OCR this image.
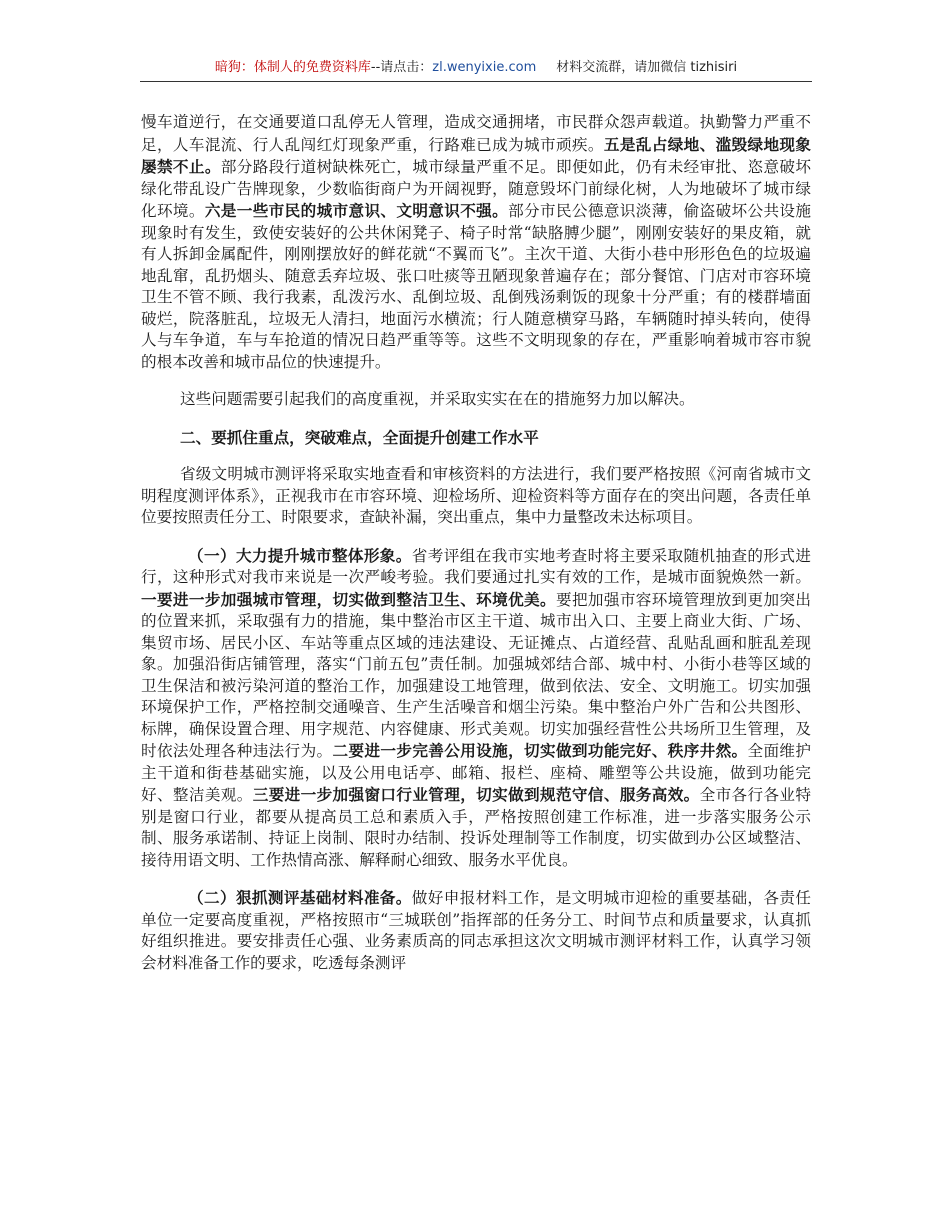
暗狗：体制人的免费资料库--请点击：zl.wenyixie.com 材料交流群，请加微信 tizhisiri

慢车道逆行，在交通要道口乱停无人管理，造成交通拥堵，市民群众怨声载道。执勤警力严重不足，人车混流、行人乱闯红灯现象严重，行路难已成为城市顽疾。五是乱占绿地、滥毁绿地现象屡禁不止。部分路段行道树缺株死亡，城市绿量严重不足。即便如此，仍有未经审批、恣意破坏绿化带乱设广告牌现象，少数临街商户为开阔视野，随意毁坏门前绿化树，人为地破坏了城市绿化环境。六是一些市民的城市意识、文明意识不强。部分市民公德意识淡薄，偷盗破坏公共设施现象时有发生，致使安装好的公共休闲凳子、椅子时常“缺胳膊少腿”，刚刚安装好的果皮箱，就有人拆卸金属配件，刚刚摆放好的鲜花就“不翼而飞”。主次干道、大街小巷中形形色色的垃圾遍地乱窜，乱扔烟头、随意丢弃垃圾、张口吐痰等丑陋现象普遍存在；部分餐馆、门店对市容环境卫生不管不顾、我行我素，乱泼污水、乱倒垃圾、乱倒残汤剩饭的现象十分严重；有的楼群墙面破烂，院落脏乱，垃圾无人清扫，地面污水横流；行人随意横穿马路，车辆随时掉头转向，使得人与车争道，车与车抢道的情况日趋严重等等。这些不文明现象的存在，严重影响着城市容市貌的根本改善和城市品位的快速提升。

这些问题需要引起我们的高度重视，并采取实实在在的措施努力加以解决。

二、要抓住重点，突破难点，全面提升创建工作水平

省级文明城市测评将采取实地查看和审核资料的方法进行，我们要严格按照《河南省城市文明程度测评体系》，正视我市在市容环境、迎检场所、迎检资料等方面存在的突出问题，各责任单位要按照责任分工、时限要求，查缺补漏，突出重点，集中力量整改未达标项目。

（一）大力提升城市整体形象。省考评组在我市实地考查时将主要采取随机抽查的形式进行，这种形式对我市来说是一次严峻考验。我们要通过扎实有效的工作，是城市面貌焕然一新。一要进一步加强城市管理，切实做到整洁卫生、环境优美。要把加强市容环境管理放到更加突出的位置来抓，采取强有力的措施，集中整治市区主干道、城市出入口、主要上商业大街、广场、集贸市场、居民小区、车站等重点区域的违法建设、无证摊点、占道经营、乱贴乱画和脏乱差现象。加强沿街店铺管理，落实“门前五包”责任制。加强城郊结合部、城中村、小街小巷等区域的卫生保洁和被污染河道的整治工作，加强建设工地管理，做到依法、安全、文明施工。切实加强环境保护工作，严格控制交通噪音、生产生活噪音和烟尘污染。集中整治户外广告和公共图形、标牌，确保设置合理、用字规范、内容健康、形式美观。切实加强经营性公共场所卫生管理，及时依法处理各种违法行为。二要进一步完善公用设施，切实做到功能完好、秩序井然。全面维护主干道和街巷基础实施，以及公用电话亭、邮箱、报栏、座椅、雕塑等公共设施，做到功能完好、整洁美观。三要进一步加强窗口行业管理，切实做到规范守信、服务高效。全市各行各业特别是窗口行业，都要从提高员工总和素质入手，严格按照创建工作标准，进一步落实服务公示制、服务承诺制、持证上岗制、限时办结制、投诉处理制等工作制度，切实做到办公区域整洁、接待用语文明、工作热情高涨、解释耐心细致、服务水平优良。

（二）狠抓测评基础材料准备。做好申报材料工作，是文明城市迎检的重要基础，各责任单位一定要高度重视，严格按照市“三城联创”指挥部的任务分工、时间节点和质量要求，认真抓好组织推进。要安排责任心强、业务素质高的同志承担这次文明城市测评材料工作，认真学习领会材料准备工作的要求，吃透每条测评
